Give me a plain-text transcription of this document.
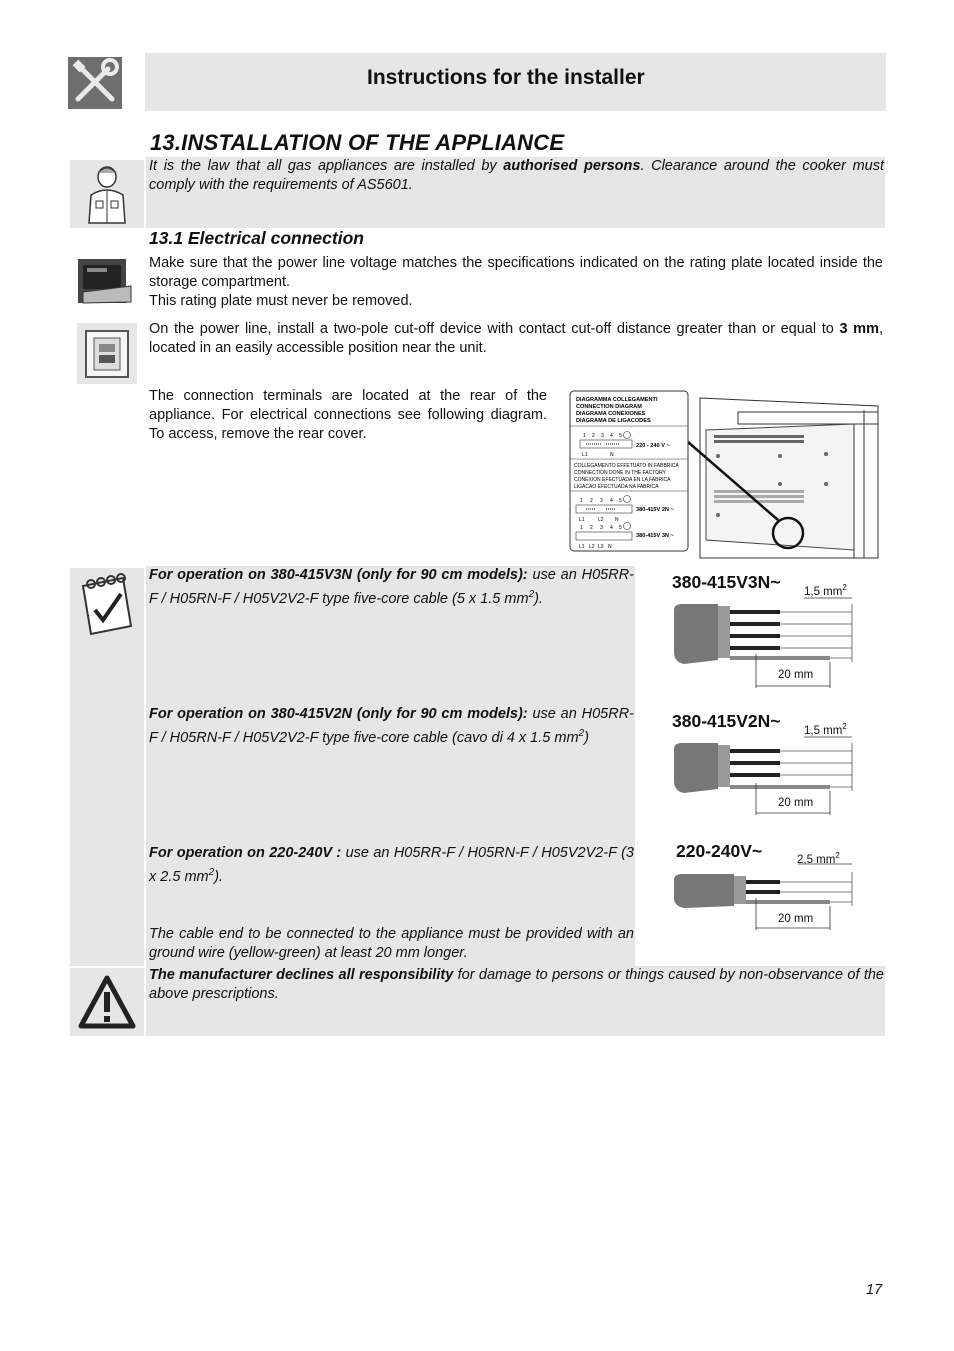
Instructions for the installer
13.INSTALLATION OF THE APPLIANCE
It is the law that all gas appliances are installed by authorised persons. Clearance around the cooker must comply with the requirements of AS5601.
13.1 Electrical connection
Make sure that the power line voltage matches the specifications indicated on the rating plate located inside the storage compartment.
This rating plate must never be removed.
On the power line, install a two-pole cut-off device with contact cut-off distance greater than or equal to 3 mm, located in an easily accessible position near the unit.
The connection terminals are located at the rear of the appliance. For electrical connections see following diagram. To access, remove the rear cover.
DIAGRAMMA COLLEGAMENTI
CONNECTION DIAGRAM
DIAGRAMA CONEXIONES
DIAGRAMA DE LIGACODES
1 2 3 4 5
L1	N
220 - 240 V ~
COLLEGAMENTO EFFETUATO IN FABBRICA
CONNECTION DONE IN THE FACTORY
CONEXION EFECTUADA EN LA FABRICA
LIGACAO EFECTUADA NA FABRICA
1 2 3 4 5
L1	L2 N
380-415V 2N ~
1 2 3 4 5
L1 L2 L3 N
380-415V 3N ~
For operation on 380-415V3N (only for 90 cm models): use an H05RR-F / H05RN-F / H05V2V2-F type five-core cable (5 x 1.5 $mm^2$).
For operation on 380-415V2N (only for 90 cm models): use an H05RR-F / H05RN-F / H05V2V2-F type five-core cable (cavo di 4 x 1.5 $mm^2$)
For operation on 220-240V : use an H05RR-F / H05RN-F / H05V2V2-F (3 x 2.5 $mm^2$).
The cable end to be connected to the appliance must be provided with an ground wire (yellow-green) at least 20 mm longer.
380-415V3N~ 1,5 $mm^2$
20 mm
380-415V2N~ 1,5 $mm^2$
20 mm
220-240V~	2,5 $mm^2$
20 mm
The manufacturer declines all responsibility for damage to persons or things caused by non-observance of the above prescriptions.
17
